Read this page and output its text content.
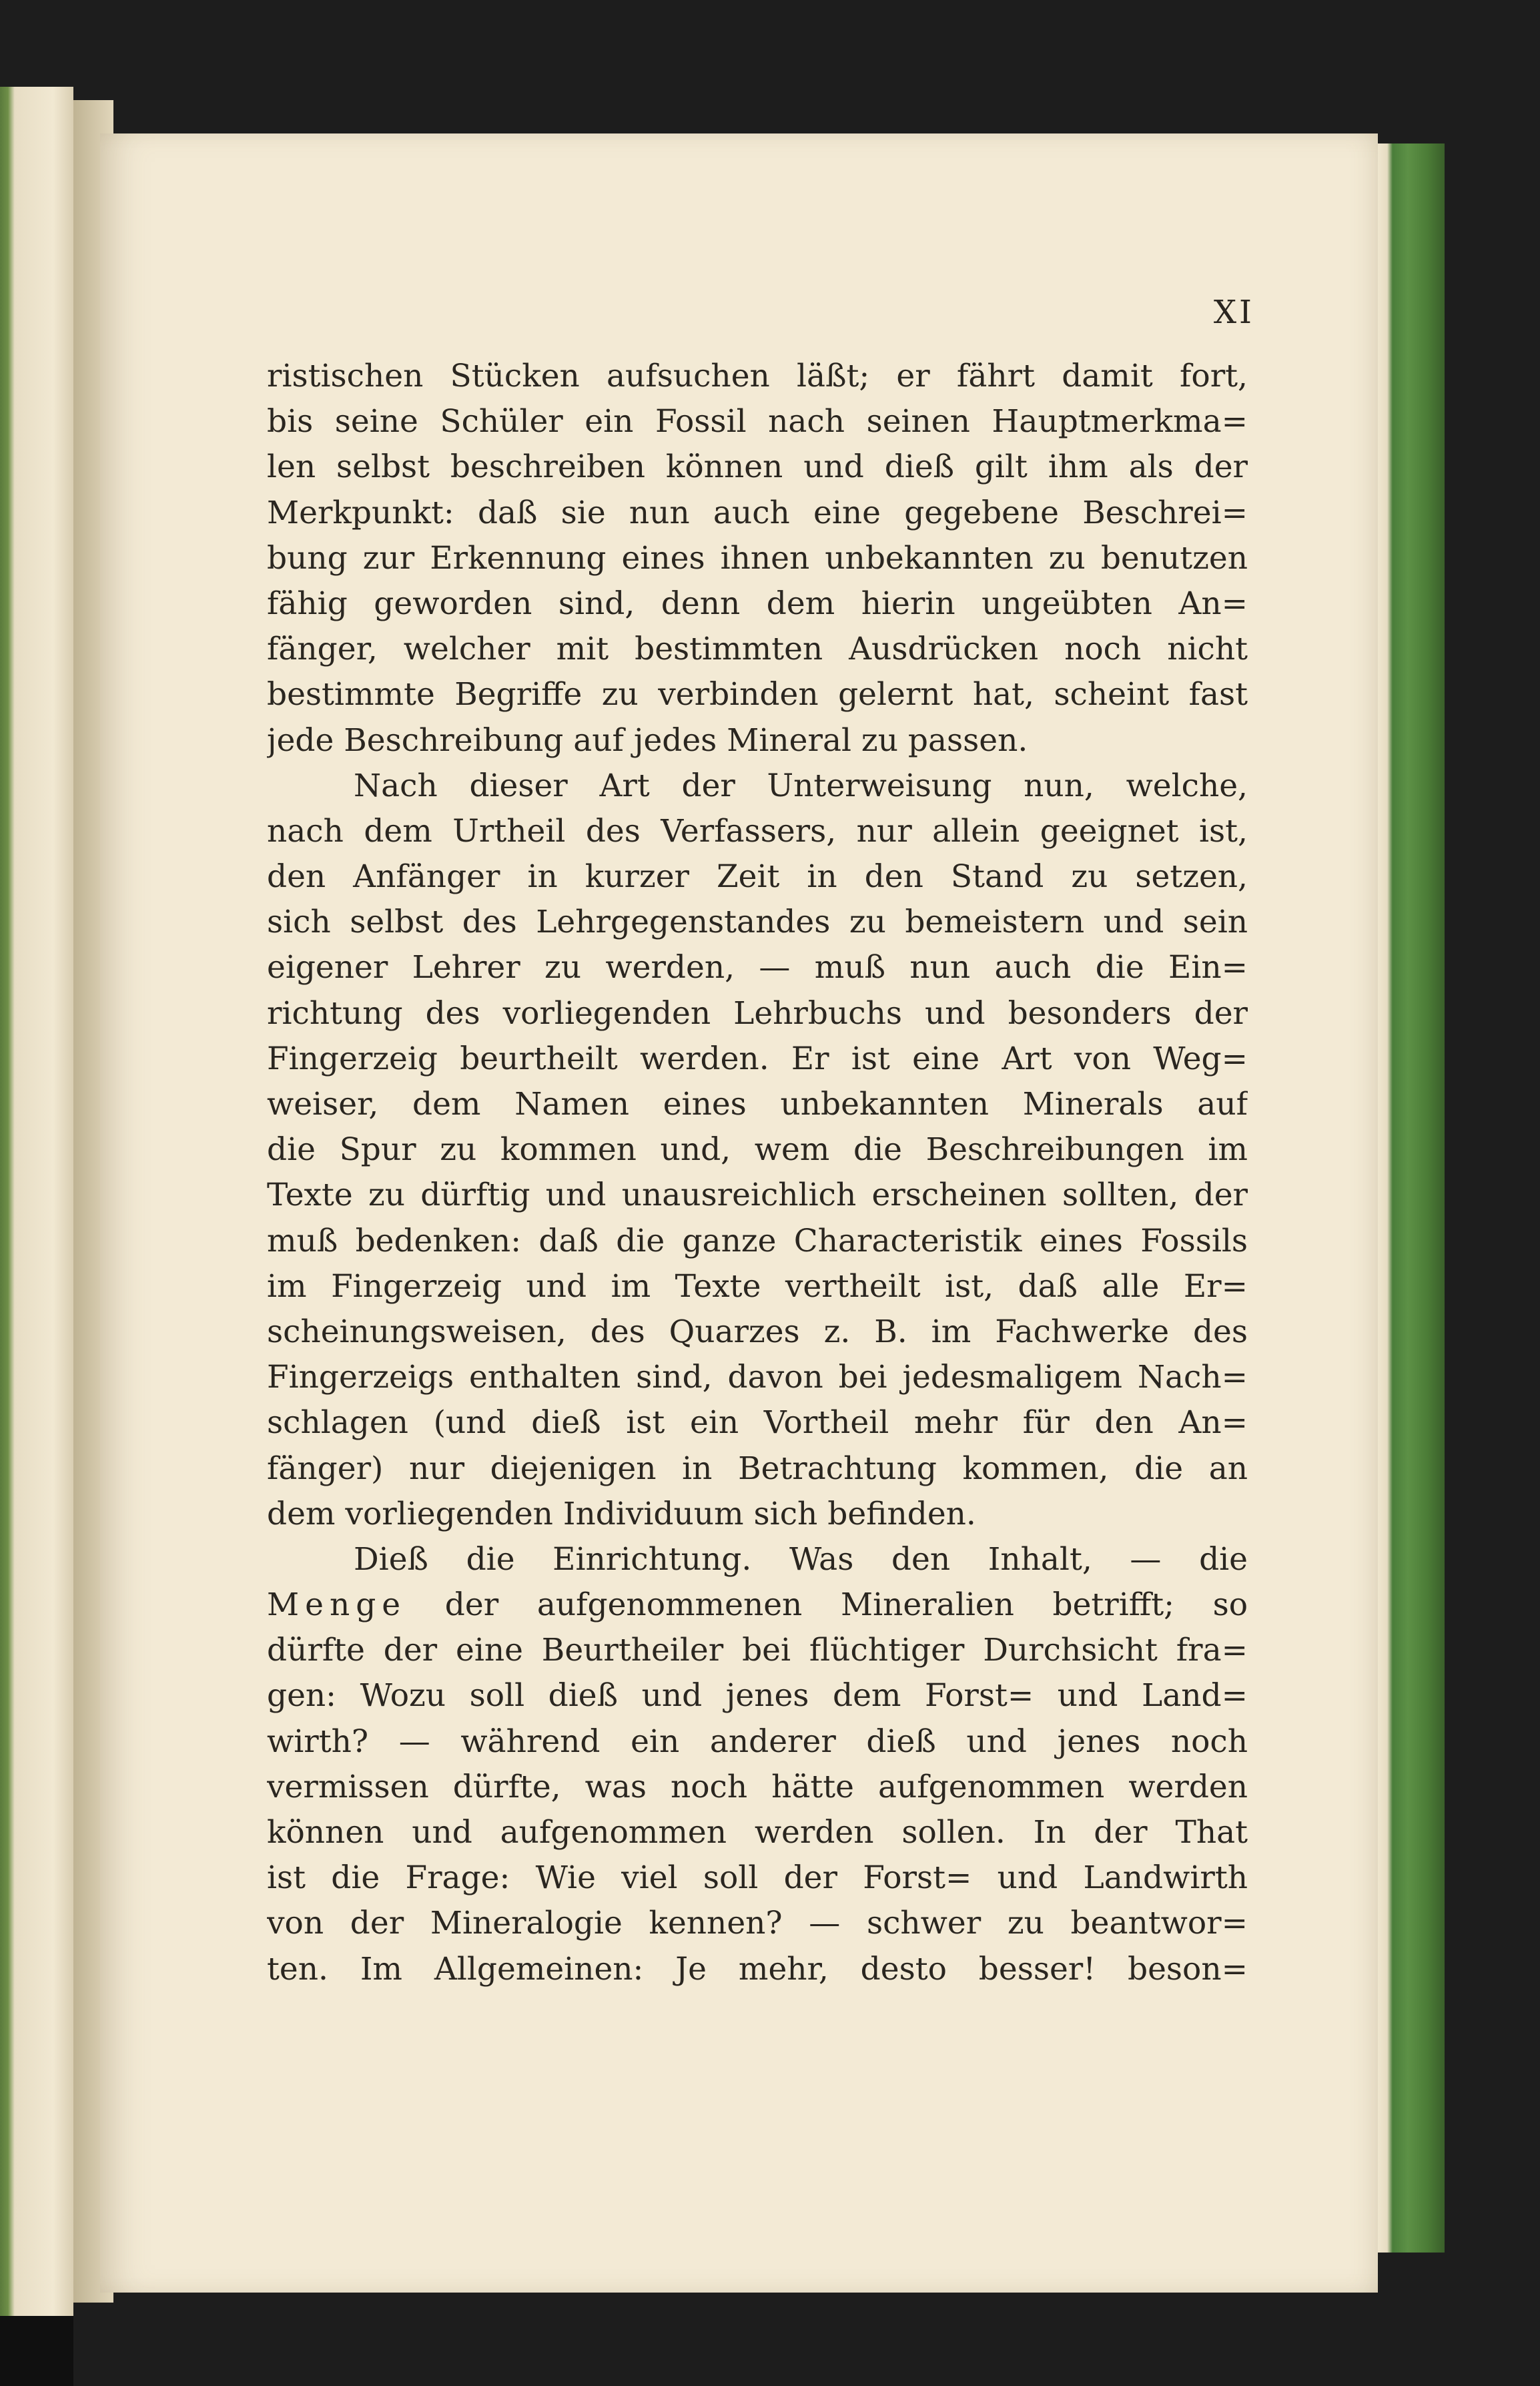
XI
ristischen Stücken aufsuchen läßt; er fährt damit fort,
bis seine Schüler ein Fossil nach seinen Hauptmerkma=
len selbst beschreiben können und dieß gilt ihm als der
Merkpunkt: daß sie nun auch eine gegebene Beschrei=
bung zur Erkennung eines ihnen unbekannten zu benutzen
fähig geworden sind, denn dem hierin ungeübten An=
fänger, welcher mit bestimmten Ausdrücken noch nicht
bestimmte Begriffe zu verbinden gelernt hat, scheint fast
jede Beschreibung auf jedes Mineral zu passen.
Nach dieser Art der Unterweisung nun, welche,
nach dem Urtheil des Verfassers, nur allein geeignet ist,
den Anfänger in kurzer Zeit in den Stand zu setzen,
sich selbst des Lehrgegenstandes zu bemeistern und sein
eigener Lehrer zu werden, — muß nun auch die Ein=
richtung des vorliegenden Lehrbuchs und besonders der
Fingerzeig beurtheilt werden. Er ist eine Art von Weg=
weiser, dem Namen eines unbekannten Minerals auf
die Spur zu kommen und, wem die Beschreibungen im
Texte zu dürftig und unausreichlich erscheinen sollten, der
muß bedenken: daß die ganze Characteristik eines Fossils
im Fingerzeig und im Texte vertheilt ist, daß alle Er=
scheinungsweisen, des Quarzes z. B. im Fachwerke des
Fingerzeigs enthalten sind, davon bei jedesmaligem Nach=
schlagen (und dieß ist ein Vortheil mehr für den An=
fänger) nur diejenigen in Betrachtung kommen, die an
dem vorliegenden Individuum sich befinden.
Dieß die Einrichtung. Was den Inhalt, — die
Menge der aufgenommenen Mineralien betrifft; so
dürfte der eine Beurtheiler bei flüchtiger Durchsicht fra=
gen: Wozu soll dieß und jenes dem Forst= und Land=
wirth? — während ein anderer dieß und jenes noch
vermissen dürfte, was noch hätte aufgenommen werden
können und aufgenommen werden sollen. In der That
ist die Frage: Wie viel soll der Forst= und Landwirth
von der Mineralogie kennen? — schwer zu beantwor=
ten. Im Allgemeinen: Je mehr, desto besser! beson=
